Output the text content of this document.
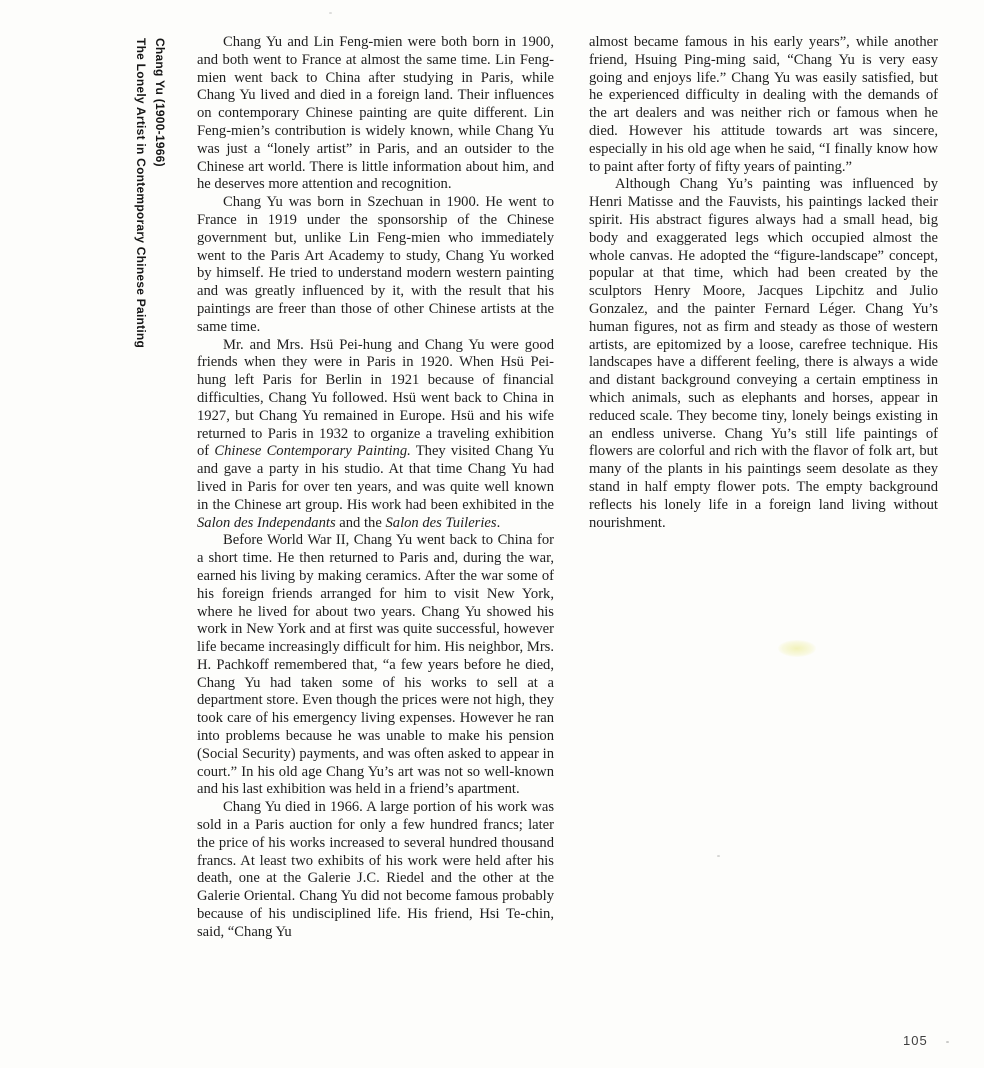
Chang Yu (1900-1966)
The Lonely Artist in Contemporary Chinese Painting	Chang Yu and Lin Feng-mien were both born in 1900, and both went to France at almost the same time. Lin Feng-mien went back to China after studying in Paris, while Chang Yu lived and died in a foreign land. Their influences on contemporary Chinese painting are quite different. Lin Feng-mien’s contribution is widely known, while Chang Yu was just a “lonely artist” in Paris, and an outsider to the Chinese art world. There is little information about him, and he deserves more attention and recognition.

Chang Yu was born in Szechuan in 1900. He went to France in 1919 under the sponsorship of the Chinese government but, unlike Lin Feng-mien who immediately went to the Paris Art Academy to study, Chang Yu worked by himself. He tried to understand modern western painting and was greatly influenced by it, with the result that his paintings are freer than those of other Chinese artists at the same time.

Mr. and Mrs. Hsü Pei-hung and Chang Yu were good friends when they were in Paris in 1920. When Hsü Pei-hung left Paris for Berlin in 1921 because of financial difficulties, Chang Yu followed. Hsü went back to China in 1927, but Chang Yu remained in Europe. Hsü and his wife returned to Paris in 1932 to organize a traveling exhibition of Chinese Contemporary Painting. They visited Chang Yu and gave a party in his studio. At that time Chang Yu had lived in Paris for over ten years, and was quite well known in the Chinese art group. His work had been exhibited in the Salon des Independants and the Salon des Tuileries.

Before World War II, Chang Yu went back to China for a short time. He then returned to Paris and, during the war, earned his living by making ceramics. After the war some of his foreign friends arranged for him to visit New York, where he lived for about two years. Chang Yu showed his work in New York and at first was quite successful, however life became increasingly difficult for him. His neighbor, Mrs. H. Pachkoff remembered that, “a few years before he died, Chang Yu had taken some of his works to sell at a department store. Even though the prices were not high, they took care of his emergency living expenses. However he ran into problems because he was unable to make his pension (Social Security) payments, and was often asked to appear in court.” In his old age Chang Yu’s art was not so well-known and his last exhibition was held in a friend’s apartment.

Chang Yu died in 1966. A large portion of his work was sold in a Paris auction for only a few hundred francs; later the price of his works increased to several hundred thousand francs. At least two exhibits of his work were held after his death, one at the Galerie J.C. Riedel and the other at the Galerie Oriental. Chang Yu did not become famous probably because of his undisciplined life. His friend, Hsi Te-chin, said, “Chang Yu

almost became famous in his early years”, while another friend, Hsuing Ping-ming said, “Chang Yu is very easy going and enjoys life.” Chang Yu was easily satisfied, but he experienced difficulty in dealing with the demands of the art dealers and was neither rich or famous when he died. However his attitude towards art was sincere, especially in his old age when he said, “I finally know how to paint after forty of fifty years of painting.”

Although Chang Yu’s painting was influenced by Henri Matisse and the Fauvists, his paintings lacked their spirit. His abstract figures always had a small head, big body and exaggerated legs which occupied almost the whole canvas. He adopted the “figure-landscape” concept, popular at that time, which had been created by the sculptors Henry Moore, Jacques Lipchitz and Julio Gonzalez, and the painter Fernard Léger. Chang Yu’s human figures, not as firm and steady as those of western artists, are epitomized by a loose, carefree technique. His landscapes have a different feeling, there is always a wide and distant background conveying a certain emptiness in which animals, such as elephants and horses, appear in reduced scale. They become tiny, lonely beings existing in an endless universe. Chang Yu’s still life paintings of flowers are colorful and rich with the flavor of folk art, but many of the plants in his paintings seem desolate as they stand in half empty flower pots. The empty background reflects his lonely life in a foreign land living without nourishment.

105
